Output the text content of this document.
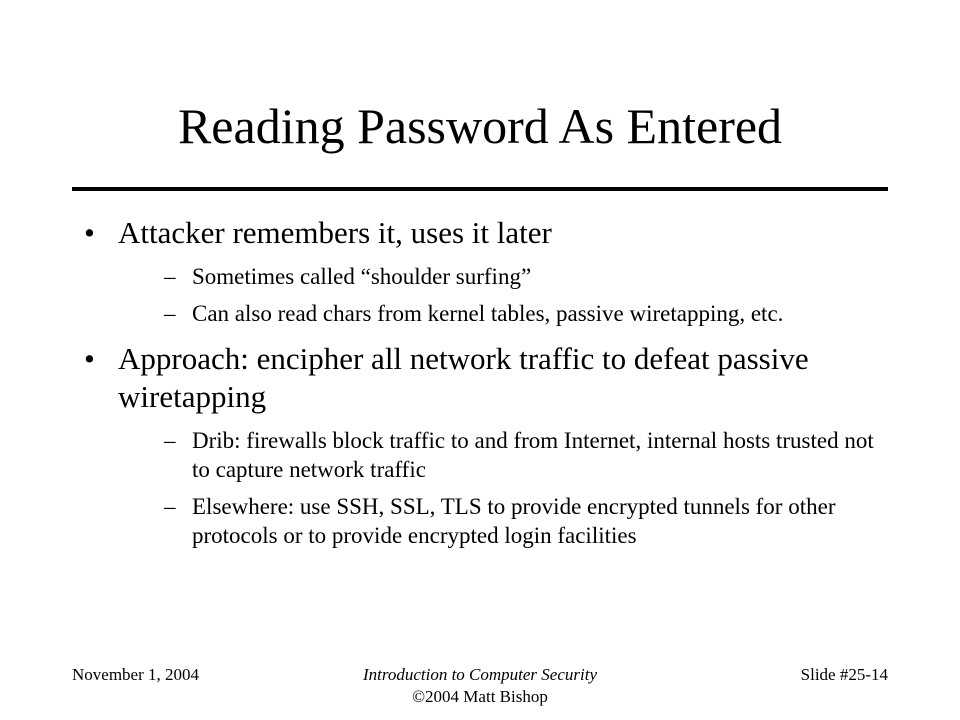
Reading Password As Entered
• Attacker remembers it, uses it later
– Sometimes called “shoulder surfing”
– Can also read chars from kernel tables, passive wiretapping, etc.
• Approach: encipher all network traffic to defeat passive wiretapping
– Drib: firewalls block traffic to and from Internet, internal hosts trusted not to capture network traffic
– Elsewhere: use SSH, SSL, TLS to provide encrypted tunnels for other protocols or to provide encrypted login facilities
November 1, 2004	Introduction to Computer Security
©2004 Matt Bishop
Slide #25-14
